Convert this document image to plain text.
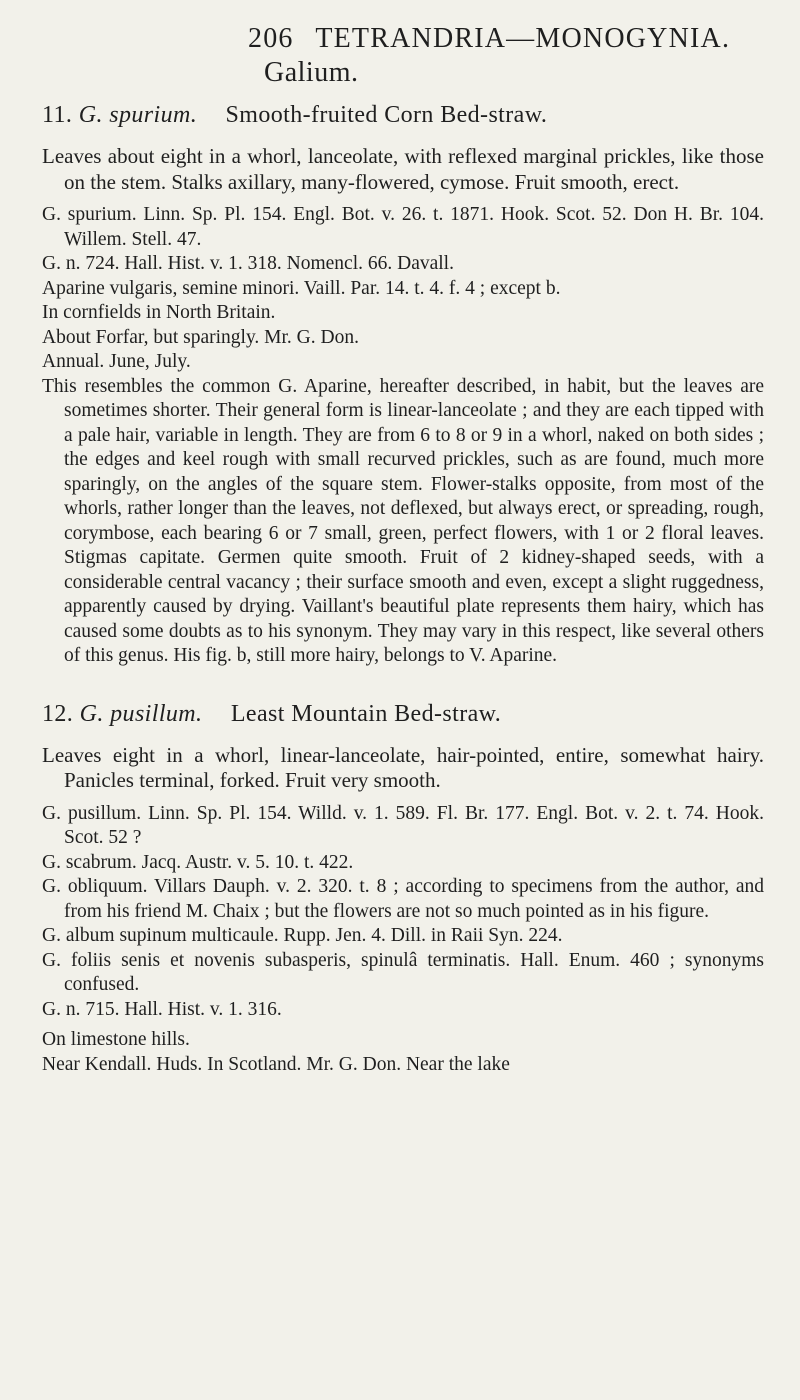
206 TETRANDRIA—MONOGYNIA. Galium.
11. G. spurium. Smooth-fruited Corn Bed-straw.

Leaves about eight in a whorl, lanceolate, with reflexed marginal prickles, like those on the stem. Stalks axillary, many-flowered, cymose. Fruit smooth, erect.

G. spurium. Linn. Sp. Pl. 154. Engl. Bot. v. 26. t. 1871. Hook. Scot. 52. Don H. Br. 104. Willem. Stell. 47.

G. n. 724. Hall. Hist. v. 1. 318. Nomencl. 66. Davall.

Aparine vulgaris, semine minori. Vaill. Par. 14. t. 4. f. 4 ; except b.

In cornfields in North Britain.

About Forfar, but sparingly. Mr. G. Don.

Annual. June, July.

This resembles the common G. Aparine, hereafter described, in habit, but the leaves are sometimes shorter. Their general form is linear-lanceolate ; and they are each tipped with a pale hair, variable in length. They are from 6 to 8 or 9 in a whorl, naked on both sides ; the edges and keel rough with small recurved prickles, such as are found, much more sparingly, on the angles of the square stem. Flower-stalks opposite, from most of the whorls, rather longer than the leaves, not deflexed, but always erect, or spreading, rough, corymbose, each bearing 6 or 7 small, green, perfect flowers, with 1 or 2 floral leaves. Stigmas capitate. Germen quite smooth. Fruit of 2 kidney-shaped seeds, with a considerable central vacancy ; their surface smooth and even, except a slight ruggedness, apparently caused by drying. Vaillant's beautiful plate represents them hairy, which has caused some doubts as to his synonym. They may vary in this respect, like several others of this genus. His fig. b, still more hairy, belongs to V. Aparine.

12. G. pusillum. Least Mountain Bed-straw.

Leaves eight in a whorl, linear-lanceolate, hair-pointed, entire, somewhat hairy. Panicles terminal, forked. Fruit very smooth.

G. pusillum. Linn. Sp. Pl. 154. Willd. v. 1. 589. Fl. Br. 177. Engl. Bot. v. 2. t. 74. Hook. Scot. 52 ?

G. scabrum. Jacq. Austr. v. 5. 10. t. 422.

G. obliquum. Villars Dauph. v. 2. 320. t. 8 ; according to specimens from the author, and from his friend M. Chaix ; but the flowers are not so much pointed as in his figure.

G. album supinum multicaule. Rupp. Jen. 4. Dill. in Raii Syn. 224.

G. foliis senis et novenis subasperis, spinulâ terminatis. Hall. Enum. 460 ; synonyms confused.

G. n. 715. Hall. Hist. v. 1. 316.

On limestone hills.

Near Kendall. Huds. In Scotland. Mr. G. Don. Near the lake
